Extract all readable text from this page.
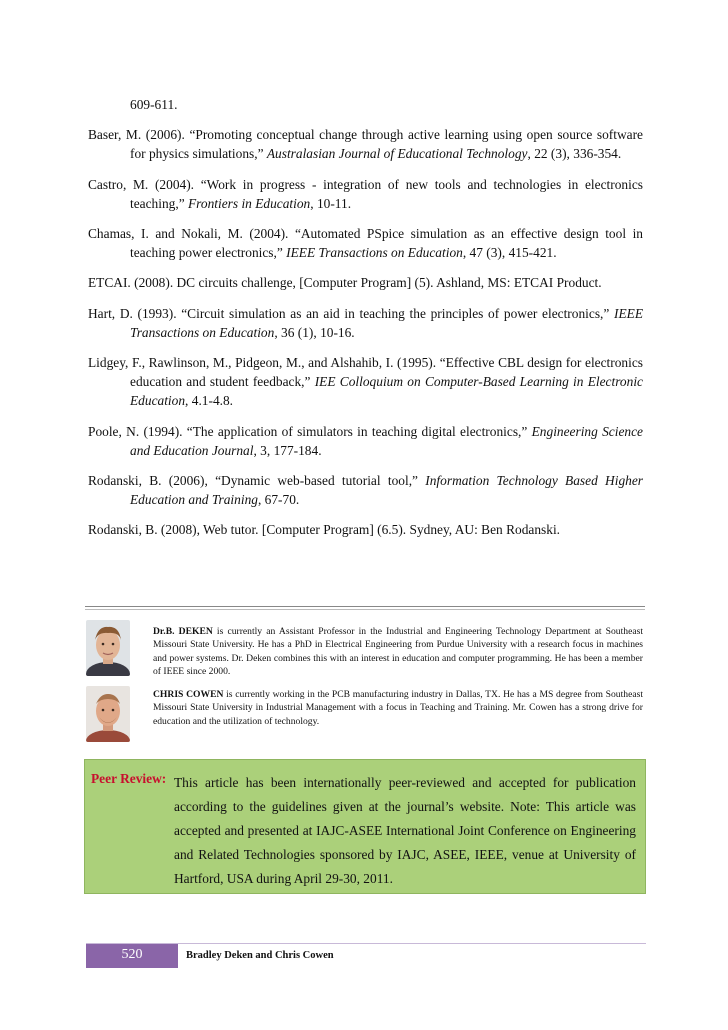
609-611.

Baser, M. (2006). “Promoting conceptual change through active learning using open source software for physics simulations,” Australasian Journal of Educational Technology, 22 (3), 336-354.

Castro, M. (2004). “Work in progress - integration of new tools and technologies in electronics teaching,” Frontiers in Education, 10-11.

Chamas, I. and Nokali, M. (2004). “Automated PSpice simulation as an effective design tool in teaching power electronics,” IEEE Transactions on Education, 47 (3), 415-421.

ETCAI. (2008). DC circuits challenge, [Computer Program] (5). Ashland, MS: ETCAI Product.

Hart, D. (1993). “Circuit simulation as an aid in teaching the principles of power electronics,” IEEE Transactions on Education, 36 (1), 10-16.

Lidgey, F., Rawlinson, M., Pidgeon, M., and Alshahib, I. (1995). “Effective CBL design for electronics education and student feedback,” IEE Colloquium on Computer-Based Learning in Electronic Education, 4.1-4.8.

Poole, N. (1994). “The application of simulators in teaching digital electronics,” Engineering Science and Education Journal, 3, 177-184.

Rodanski, B. (2006), “Dynamic web-based tutorial tool,” Information Technology Based Higher Education and Training, 67-70.

Rodanski, B. (2008), Web tutor. [Computer Program] (6.5). Sydney, AU: Ben Rodanski.

Dr.B. DEKEN is currently an Assistant Professor in the Industrial and Engineering Technology Department at Southeast Missouri State University. He has a PhD in Electrical Engineering from Purdue University with a research focus in machines and power systems. Dr. Deken combines this with an interest in education and computer programming. He has been a member of IEEE since 2000.
CHRIS COWEN is currently working in the PCB manufacturing industry in Dallas, TX. He has a MS degree from Southeast Missouri State University in Industrial Management with a focus in Teaching and Training. Mr. Cowen has a strong drive for education and the utilization of technology.
Peer Review: This article has been internationally peer-reviewed and accepted for publication according to the guidelines given at the journal’s website. Note: This article was accepted and presented at IAJC-ASEE International Joint Conference on Engineering and Related Technologies sponsored by IAJC, ASEE, IEEE, venue at University of Hartford, USA during April 29-30, 2011.
520	Bradley Deken and Chris Cowen
